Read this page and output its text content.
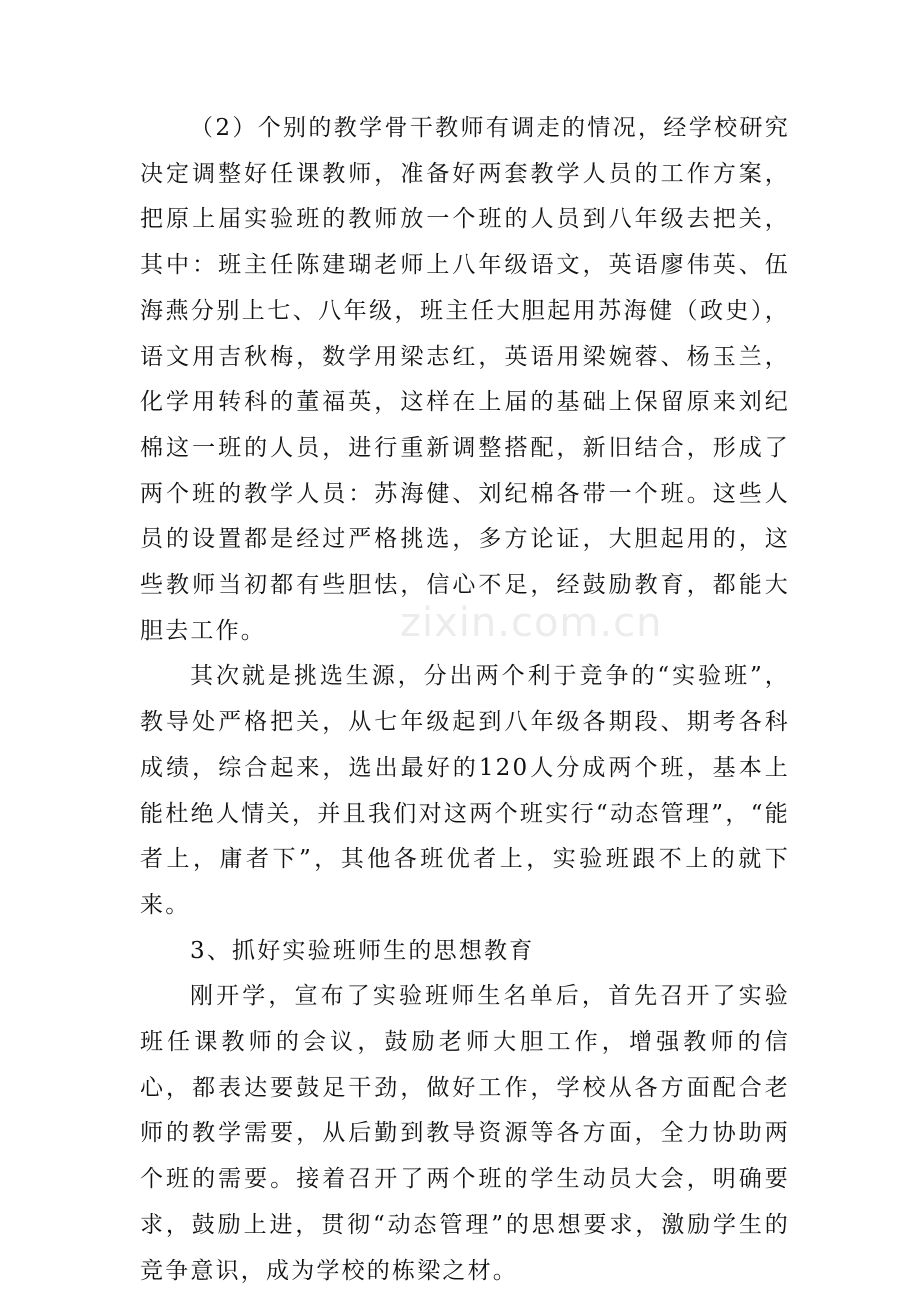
（2）个别的教学骨干教师有调走的情况，经学校研究决定调整好任课教师，准备好两套教学人员的工作方案，把原上届实验班的教师放一个班的人员到八年级去把关，其中：班主任陈建瑚老师上八年级语文，英语廖伟英、伍海燕分别上七、八年级，班主任大胆起用苏海健（政史），语文用吉秋梅，数学用梁志红，英语用梁婉蓉、杨玉兰，化学用转科的董福英，这样在上届的基础上保留原来刘纪棉这一班的人员，进行重新调整搭配，新旧结合，形成了两个班的教学人员：苏海健、刘纪棉各带一个班。这些人员的设置都是经过严格挑选，多方论证，大胆起用的，这些教师当初都有些胆怯，信心不足，经鼓励教育，都能大胆去工作。

其次就是挑选生源，分出两个利于竞争的“实验班”，教导处严格把关，从七年级起到八年级各期段、期考各科成绩，综合起来，选出最好的120人分成两个班，基本上能杜绝人情关，并且我们对这两个班实行“动态管理”，“能者上，庸者下”，其他各班优者上，实验班跟不上的就下来。

3、抓好实验班师生的思想教育

刚开学，宣布了实验班师生名单后，首先召开了实验班任课教师的会议，鼓励老师大胆工作，增强教师的信心，都表达要鼓足干劲，做好工作，学校从各方面配合老师的教学需要，从后勤到教导资源等各方面，全力协助两个班的需要。接着召开了两个班的学生动员大会，明确要求，鼓励上进，贯彻“动态管理”的思想要求，激励学生的竞争意识，成为学校的栋梁之材。

zixin.com.cn
